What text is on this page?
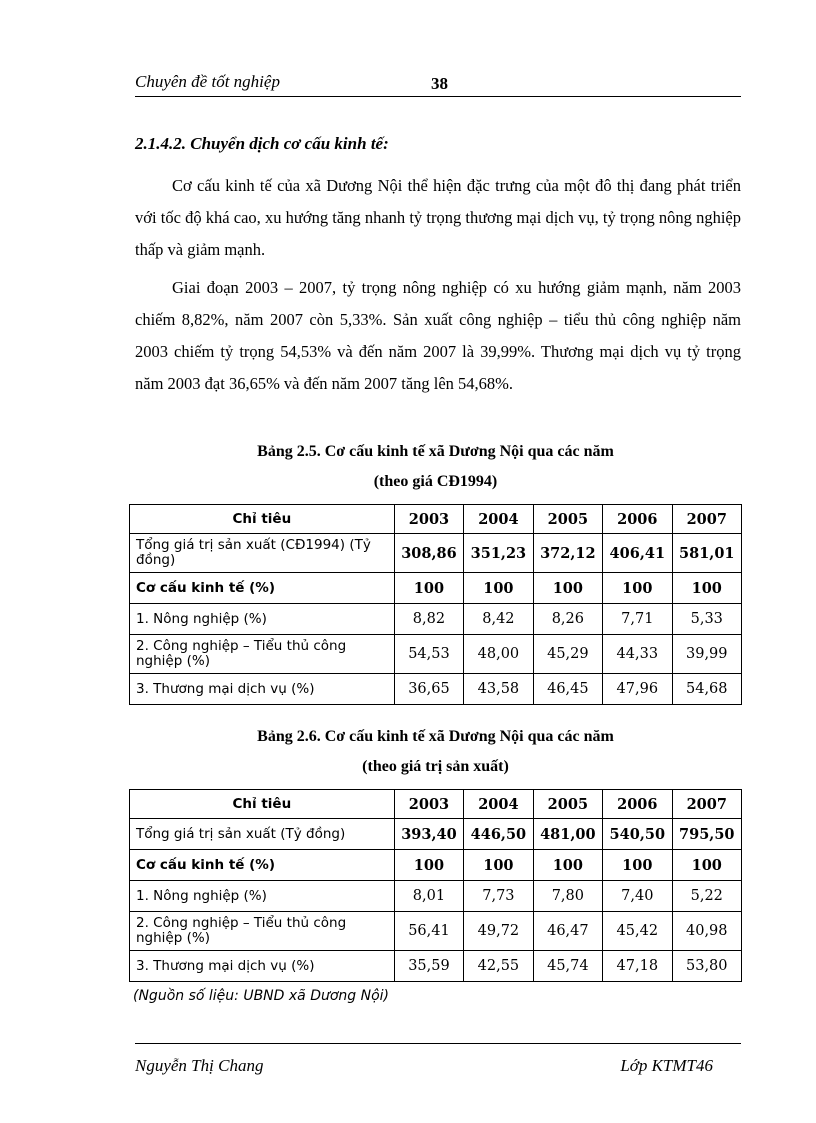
Chuyên đề tốt nghiệp	38

2.1.4.2. Chuyển dịch cơ cấu kinh tế:

Cơ cấu kinh tế của xã Dương Nội thể hiện đặc trưng của một đô thị đang phát triển với tốc độ khá cao, xu hướng tăng nhanh tỷ trọng thương mại dịch vụ, tỷ trọng nông nghiệp thấp và giảm mạnh.

Giai đoạn 2003 – 2007, tỷ trọng nông nghiệp có xu hướng giảm mạnh, năm 2003 chiếm 8,82%, năm 2007 còn 5,33%. Sản xuất công nghiệp – tiểu thủ công nghiệp năm 2003 chiếm tỷ trọng 54,53% và đến năm 2007 là 39,99%. Thương mại dịch vụ tỷ trọng năm 2003 đạt 36,65% và đến năm 2007 tăng lên 54,68%.

Bảng 2.5. Cơ cấu kinh tế xã Dương Nội qua các năm

(theo giá CĐ1994)

Chỉ tiêu	2003	2004	2005	2006	2007
Tổng giá trị sản xuất (CĐ1994) (Tỷ đồng)	308,86	351,23	372,12	406,41	581,01
Cơ cấu kinh tế (%)	100	100	100	100	100
1. Nông nghiệp (%)	8,82	8,42	8,26	7,71	5,33
2. Công nghiệp – Tiểu thủ công nghiệp (%)	54,53	48,00	45,29	44,33	39,99
3. Thương mại dịch vụ (%)	36,65	43,58	46,45	47,96	54,68

Bảng 2.6. Cơ cấu kinh tế xã Dương Nội qua các năm

(theo giá trị sản xuất)

Chỉ tiêu	2003	2004	2005	2006	2007
Tổng giá trị sản xuất (Tỷ đồng)	393,40	446,50	481,00	540,50	795,50
Cơ cấu kinh tế (%)	100	100	100	100	100
1. Nông nghiệp (%)	8,01	7,73	7,80	7,40	5,22
2. Công nghiệp – Tiểu thủ công nghiệp (%)	56,41	49,72	46,47	45,42	40,98
3. Thương mại dịch vụ (%)	35,59	42,55	45,74	47,18	53,80
(Nguồn số liệu: UBND xã Dương Nội)
Nguyễn Thị Chang	Lớp KTMT46
